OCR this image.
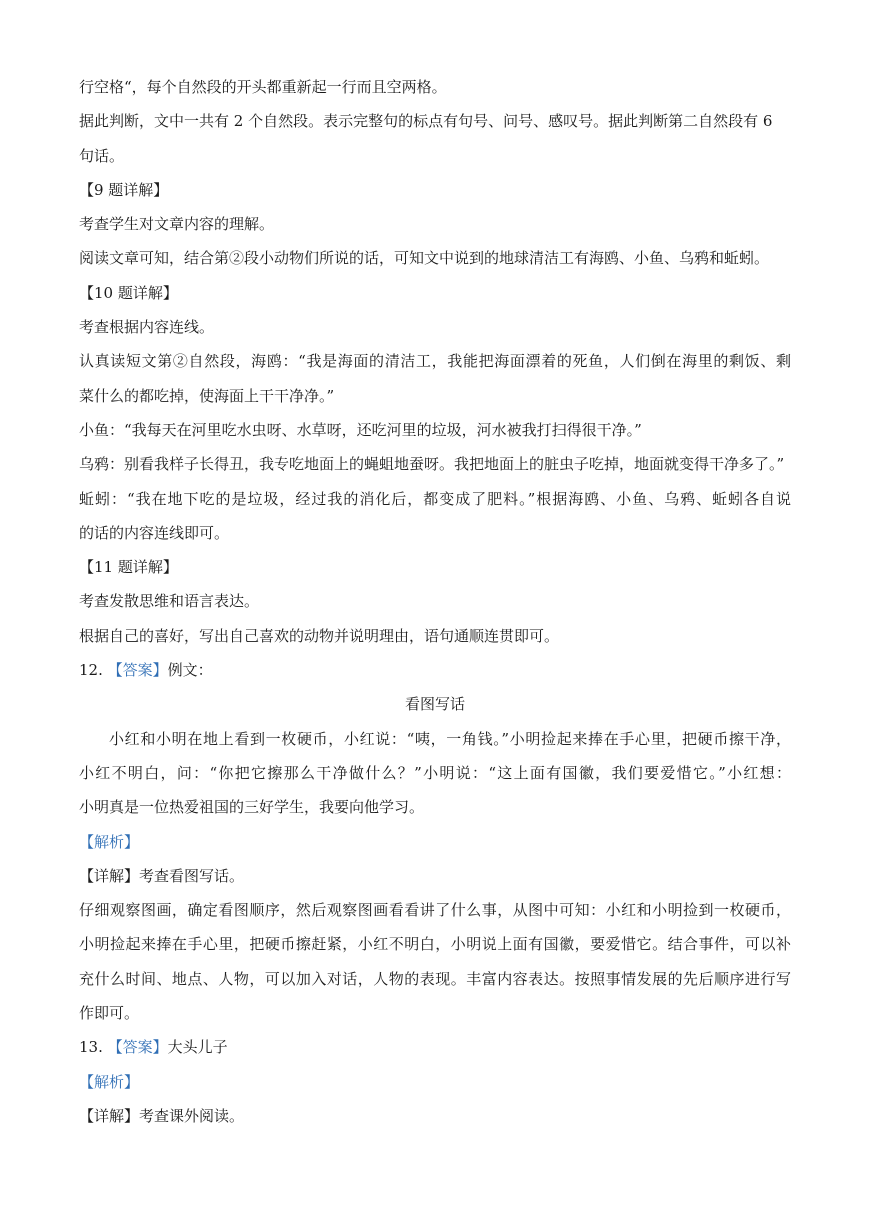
行空格“，每个自然段的开头都重新起一行而且空两格。
据此判断，文中一共有 2 个自然段。表示完整句的标点有句号、问号、感叹号。据此判断第二自然段有 6
句话。
【9 题详解】
考查学生对文章内容的理解。
阅读文章可知，结合第②段小动物们所说的话，可知文中说到的地球清洁工有海鸥、小鱼、乌鸦和蚯蚓。
【10 题详解】
考查根据内容连线。
认真读短文第②自然段，海鸥：“我是海面的清洁工，我能把海面漂着的死鱼，人们倒在海里的剩饭、剩
菜什么的都吃掉，使海面上干干净净。”
小鱼：“我每天在河里吃水虫呀、水草呀，还吃河里的垃圾，河水被我打扫得很干净。”
乌鸦：别看我样子长得丑，我专吃地面上的蝇蛆地蚕呀。我把地面上的脏虫子吃掉，地面就变得干净多了。”
蚯蚓：“我在地下吃的是垃圾，经过我的消化后，都变成了肥料。”根据海鸥、小鱼、乌鸦、蚯蚓各自说
的话的内容连线即可。
【11 题详解】
考查发散思维和语言表达。
根据自己的喜好，写出自己喜欢的动物并说明理由，语句通顺连贯即可。
12. 【答案】例文：
看图写话
小红和小明在地上看到一枚硬币，小红说：“咦，一角钱。”小明捡起来捧在手心里，把硬币擦干净，
小红不明白，问：“你把它擦那么干净做什么？”小明说：“这上面有国徽，我们要爱惜它。”小红想：
小明真是一位热爱祖国的三好学生，我要向他学习。
【解析】
【详解】考查看图写话。
仔细观察图画，确定看图顺序，然后观察图画看看讲了什么事，从图中可知：小红和小明捡到一枚硬币，
小明捡起来捧在手心里，把硬币擦赶紧，小红不明白，小明说上面有国徽，要爱惜它。结合事件，可以补
充什么时间、地点、人物，可以加入对话，人物的表现。丰富内容表达。按照事情发展的先后顺序进行写
作即可。
13. 【答案】大头儿子
【解析】
【详解】考查课外阅读。
